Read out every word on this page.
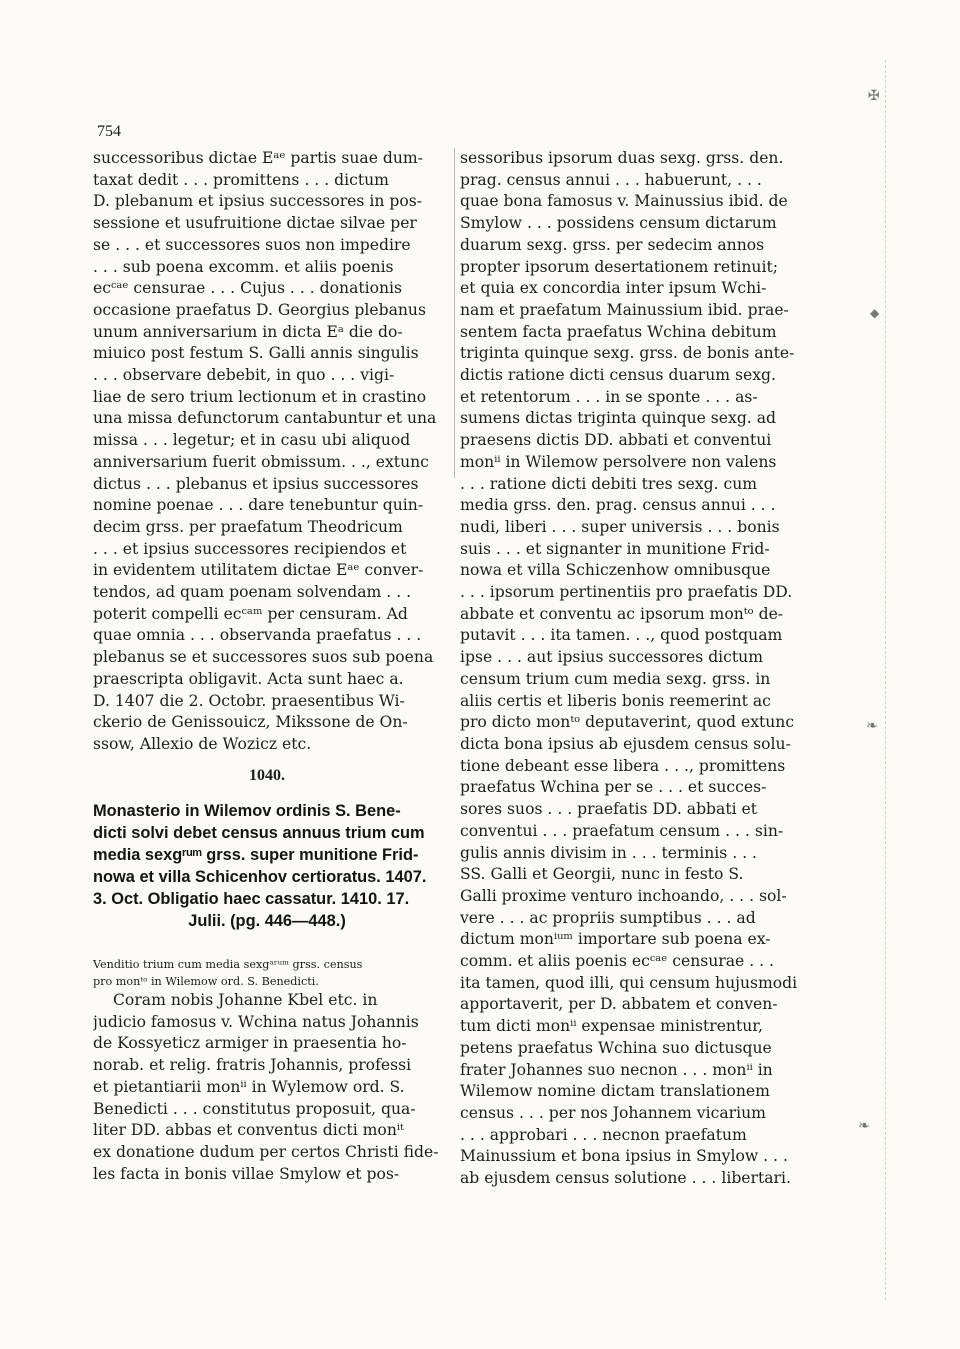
✠
◆
❧
❧
754
successoribus dictae Eᵃᵉ partis suae dum-
taxat dedit . . . promittens . . . dictum
D. plebanum et ipsius successores in pos-
sessione et usufruitione dictae silvae per
se . . . et successores suos non impedire
. . . sub poena excomm. et aliis poenis
ecᶜᵃᵉ censurae . . . Cujus . . . donationis
occasione praefatus D. Georgius plebanus
unum anniversarium in dicta Eᵃ die do-
miuico post festum S. Galli annis singulis
. . . observare debebit, in quo . . . vigi-
liae de sero trium lectionum et in crastino
una missa defunctorum cantabuntur et una
missa . . . legetur; et in casu ubi aliquod
anniversarium fuerit obmissum. . ., extunc
dictus . . . plebanus et ipsius successores
nomine poenae . . . dare tenebuntur quin-
decim grss. per praefatum Theodricum
. . . et ipsius successores recipiendos et
in evidentem utilitatem dictae Eᵃᵉ conver-
tendos, ad quam poenam solvendam . . .
poterit compelli ecᶜᵃᵐ per censuram. Ad
quae omnia . . . observanda praefatus . . .
plebanus se et successores suos sub poena
praescripta obligavit. Acta sunt haec a.
D. 1407 die 2. Octobr. praesentibus Wi-
ckerio de Genissouicz, Mikssone de On-
ssow, Allexio de Wozicz etc.
1040.
Monasterio in Wilemov ordinis S. Bene-
dicti solvi debet census annuus trium cum
media sexgʳᵘᵐ grss. super munitione Frid-
nowa et villa Schicenhov certioratus. 1407.
3. Oct. Obligatio haec cassatur. 1410. 17.
Julii. (pg. 446—448.)
Venditio trium cum media sexgᵃʳᵘᵐ grss. census
pro monᵗᵒ in Wilemow ord. S. Benedicti.
Coram nobis Johanne Kbel etc. in
judicio famosus v. Wchina natus Johannis
de Kossyeticz armiger in praesentia ho-
norab. et relig. fratris Johannis, professi
et pietantiarii monⁱⁱ in Wylemow ord. S.
Benedicti . . . constitutus proposuit, qua-
liter DD. abbas et conventus dicti monⁱᵗ
ex donatione dudum per certos Christi fide-
les facta in bonis villae Smylow et pos-
sessoribus ipsorum duas sexg. grss. den.
prag. census annui . . . habuerunt, . . .
quae bona famosus v. Mainussius ibid. de
Smylow . . . possidens censum dictarum
duarum sexg. grss. per sedecim annos
propter ipsorum desertationem retinuit;
et quia ex concordia inter ipsum Wchi-
nam et praefatum Mainussium ibid. prae-
sentem facta praefatus Wchina debitum
triginta quinque sexg. grss. de bonis ante-
dictis ratione dicti census duarum sexg.
et retentorum . . . in se sponte . . . as-
sumens dictas triginta quinque sexg. ad
praesens dictis DD. abbati et conventui
monⁱⁱ in Wilemow persolvere non valens
. . . ratione dicti debiti tres sexg. cum
media grss. den. prag. census annui . . .
nudi, liberi . . . super universis . . . bonis
suis . . . et signanter in munitione Frid-
nowa et villa Schiczenhow omnibusque
. . . ipsorum pertinentiis pro praefatis DD.
abbate et conventu ac ipsorum monᵗᵒ de-
putavit . . . ita tamen. . ., quod postquam
ipse . . . aut ipsius successores dictum
censum trium cum media sexg. grss. in
aliis certis et liberis bonis reemerint ac
pro dicto monᵗᵒ deputaverint, quod extunc
dicta bona ipsius ab ejusdem census solu-
tione debeant esse libera . . ., promittens
praefatus Wchina per se . . . et succes-
sores suos . . . praefatis DD. abbati et
conventui . . . praefatum censum . . . sin-
gulis annis divisim in . . . terminis . . .
SS. Galli et Georgii, nunc in festo S.
Galli proxime venturo inchoando, . . . sol-
vere . . . ac propriis sumptibus . . . ad
dictum monⁱᵘᵐ importare sub poena ex-
comm. et aliis poenis ecᶜᵃᵉ censurae . . .
ita tamen, quod illi, qui censum hujusmodi
apportaverit, per D. abbatem et conven-
tum dicti monⁱⁱ expensae ministrentur,
petens praefatus Wchina suo dictusque
frater Johannes suo necnon . . . monⁱⁱ in
Wilemow nomine dictam translationem
census . . . per nos Johannem vicarium
. . . approbari . . . necnon praefatum
Mainussium et bona ipsius in Smylow . . .
ab ejusdem census solutione . . . libertari.
